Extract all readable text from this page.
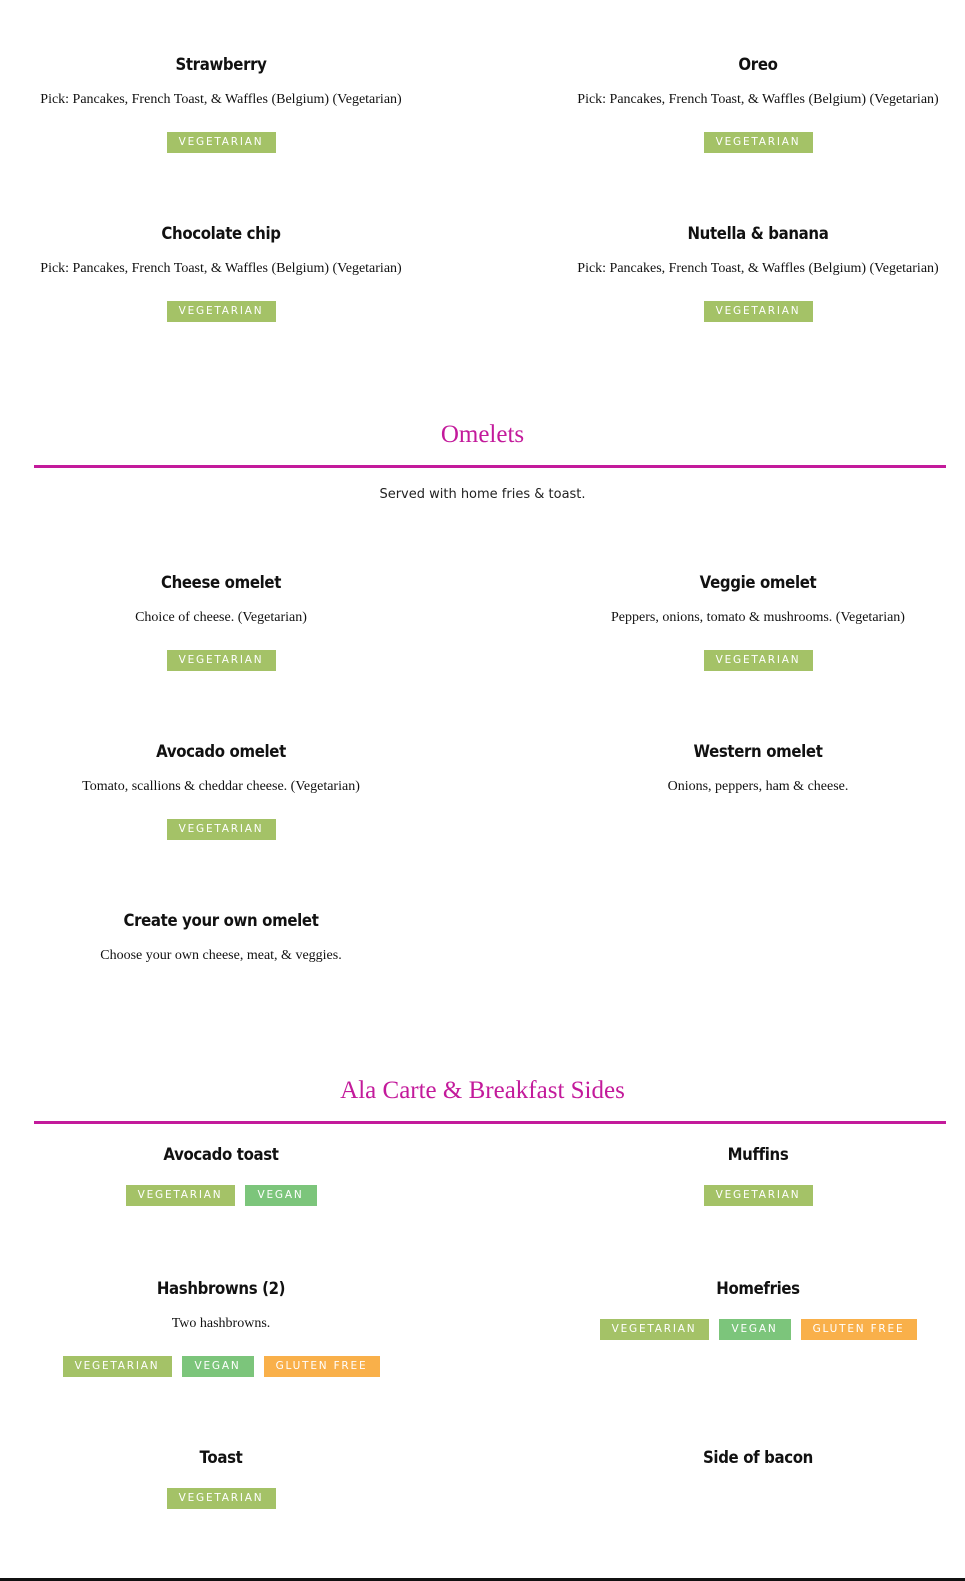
Strawberry
Pick: Pancakes, French Toast, & Waffles (Belgium) (Vegetarian)
VEGETARIAN
Oreo
Pick: Pancakes, French Toast, & Waffles (Belgium) (Vegetarian)
VEGETARIAN
Chocolate chip
Pick: Pancakes, French Toast, & Waffles (Belgium) (Vegetarian)
VEGETARIAN
Nutella & banana
Pick: Pancakes, French Toast, & Waffles (Belgium) (Vegetarian)
VEGETARIAN
Omelets
Served with home fries & toast.
Cheese omelet
Choice of cheese. (Vegetarian)
VEGETARIAN
Veggie omelet
Peppers, onions, tomato & mushrooms. (Vegetarian)
VEGETARIAN
Avocado omelet
Tomato, scallions & cheddar cheese. (Vegetarian)
VEGETARIAN
Western omelet
Onions, peppers, ham & cheese.
Create your own omelet
Choose your own cheese, meat, & veggies.
Ala Carte & Breakfast Sides
Avocado toast
VEGETARIAN	VEGAN
Muffins
VEGETARIAN
Hashbrowns (2)
Two hashbrowns.
VEGETARIAN	VEGAN	GLUTEN FREE
Homefries
VEGETARIAN	VEGAN	GLUTEN FREE
Toast
VEGETARIAN
Side of bacon
